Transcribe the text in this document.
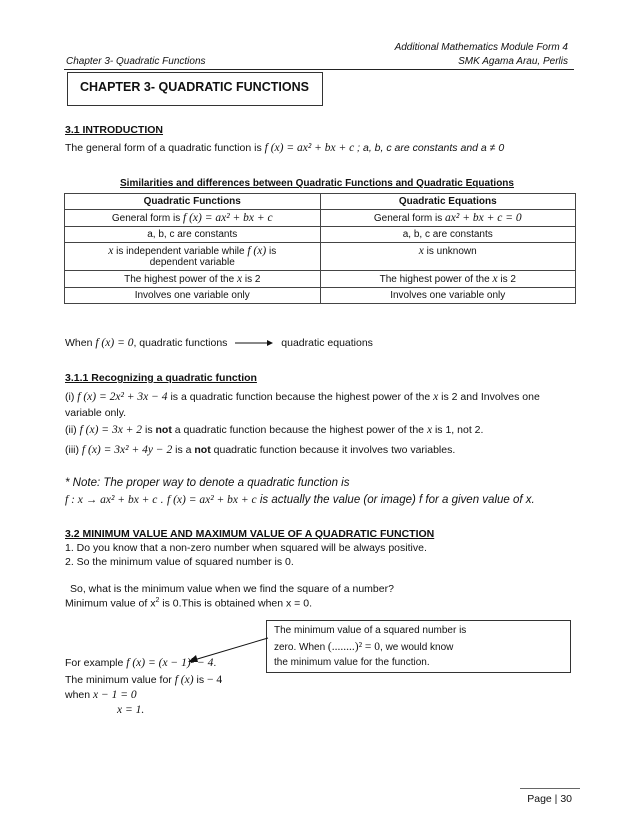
Additional Mathematics Module Form 4
Chapter 3- Quadratic Functions	SMK Agama Arau, Perlis
CHAPTER 3- QUADRATIC FUNCTIONS
3.1 INTRODUCTION
The general form of a quadratic function is f (x) = ax² + bx + c ; a, b, c are constants and a ≠ 0
Similarities and differences between Quadratic Functions and Quadratic Equations
Quadratic Functions	Quadratic Equations
General form is f (x) = ax² + bx + c	General form is ax² + bx + c = 0
a, b, c are constants	a, b, c are constants
x is independent variable while f (x) is
dependent variable	x is unknown
The highest power of the x is 2	The highest power of the x is 2
Involves one variable only	Involves one variable only
When f (x) = 0, quadratic functions	quadratic equations
3.1.1 Recognizing a quadratic function
(i) f (x) = 2x² + 3x − 4 is a quadratic function because the highest power of the x is 2 and Involves one
variable only.
(ii) f (x) = 3x + 2 is not a quadratic function because the highest power of the x is 1, not 2.
(iii) f (x) = 3x² + 4y − 2 is a not quadratic function because it involves two variables.
* Note: The proper way to denote a quadratic function is
f : x → ax² + bx + c . f (x) = ax² + bx + c is actually the value (or image) f for a given value of x.
3.2 MINIMUM VALUE AND MAXIMUM VALUE OF A QUADRATIC FUNCTION
1. Do you know that a non-zero number when squared will be always positive.
2. So the minimum value of squared number is 0.
So, what is the minimum value when we find the square of a number?
Minimum value of $x^2$ is 0.This is obtained when x = 0.
The minimum value of a squared number is
zero. When (........)² = 0, we would know
the minimum value for the function.
For example f (x) = (x − 1)² − 4.
The minimum value for f (x) is − 4
when x − 1 = 0
x = 1.
Page | 30
